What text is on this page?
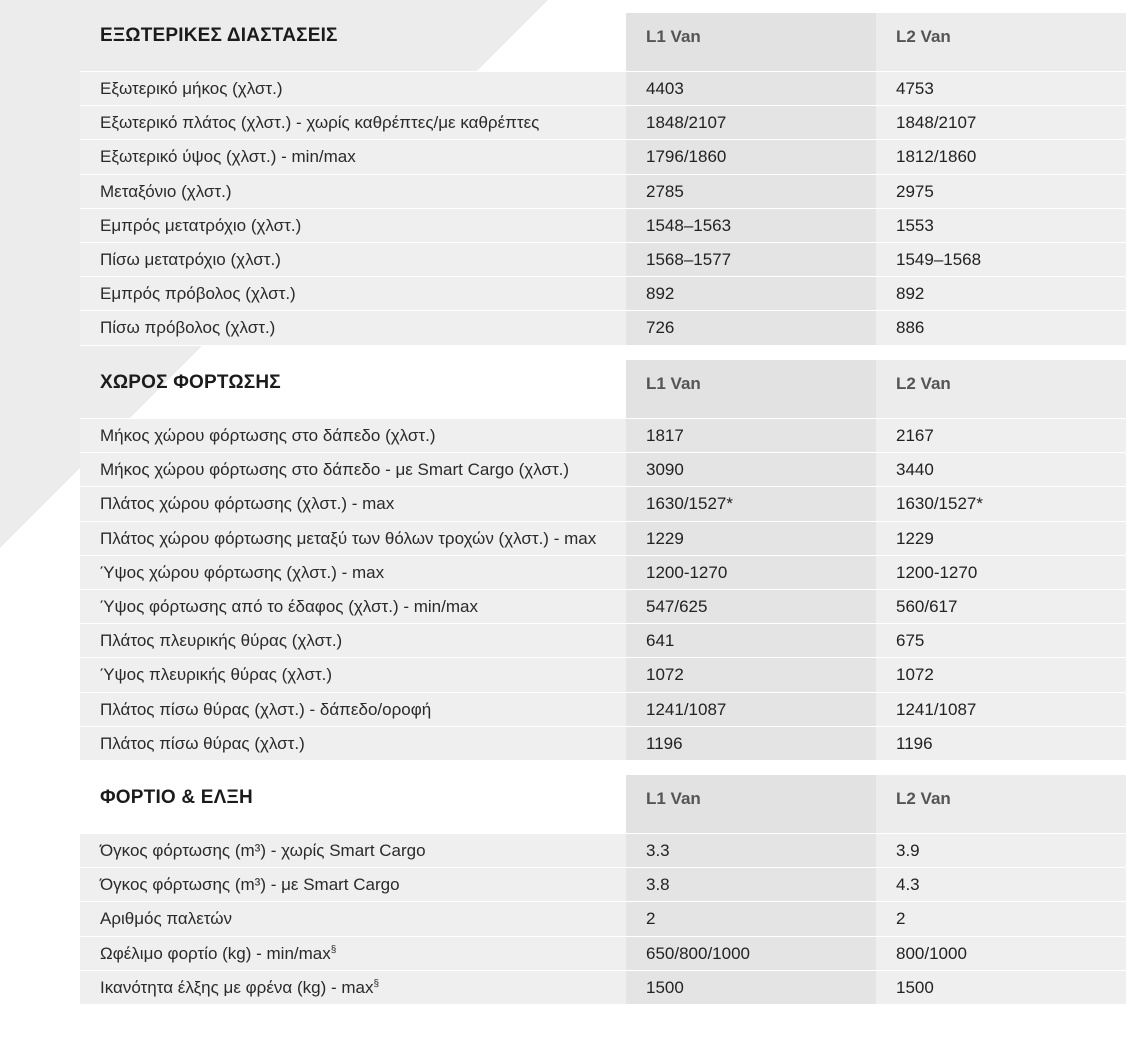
ΕΞΩΤΕΡΙΚΕΣ ΔΙΑΣΤΑΣΕΙΣ	L1 Van	L2 Van
Εξωτερικό μήκος (χλστ.)	4403	4753
Εξωτερικό πλάτος (χλστ.) - χωρίς καθρέπτες/με καθρέπτες	1848/2107	1848/2107
Εξωτερικό ύψος (χλστ.) - min/max	1796/1860	1812/1860
Μεταξόνιο (χλστ.)	2785	2975
Εμπρός μετατρόχιο (χλστ.)	1548–1563	1553
Πίσω μετατρόχιο (χλστ.)	1568–1577	1549–1568
Εμπρός πρόβολος (χλστ.)	892	892
Πίσω πρόβολος (χλστ.)	726	886
ΧΩΡΟΣ ΦΟΡΤΩΣΗΣ	L1 Van	L2 Van
Μήκος χώρου φόρτωσης στο δάπεδο (χλστ.)	1817	2167
Μήκος χώρου φόρτωσης στο δάπεδο - με Smart Cargo (χλστ.)	3090	3440
Πλάτος χώρου φόρτωσης (χλστ.) - max	1630/1527*	1630/1527*
Πλάτος χώρου φόρτωσης μεταξύ των θόλων τροχών (χλστ.) - max	1229	1229
Ύψος χώρου φόρτωσης (χλστ.) - max	1200-1270	1200-1270
Ύψος φόρτωσης από το έδαφος (χλστ.) - min/max	547/625	560/617
Πλάτος πλευρικής θύρας (χλστ.)	641	675
Ύψος πλευρικής θύρας (χλστ.)	1072	1072
Πλάτος πίσω θύρας (χλστ.) - δάπεδο/οροφή	1241/1087	1241/1087
Πλάτος πίσω θύρας (χλστ.)	1196	1196
ΦΟΡΤΙΟ & ΕΛΞΗ	L1 Van	L2 Van
Όγκος φόρτωσης (m³) - χωρίς Smart Cargo	3.3	3.9
Όγκος φόρτωσης (m³) - με Smart Cargo	3.8	4.3
Αριθμός παλετών	2	2
Ωφέλιμο φορτίο (kg) - min/max§	650/800/1000	800/1000
Ικανότητα έλξης με φρένα (kg) - max§	1500	1500
